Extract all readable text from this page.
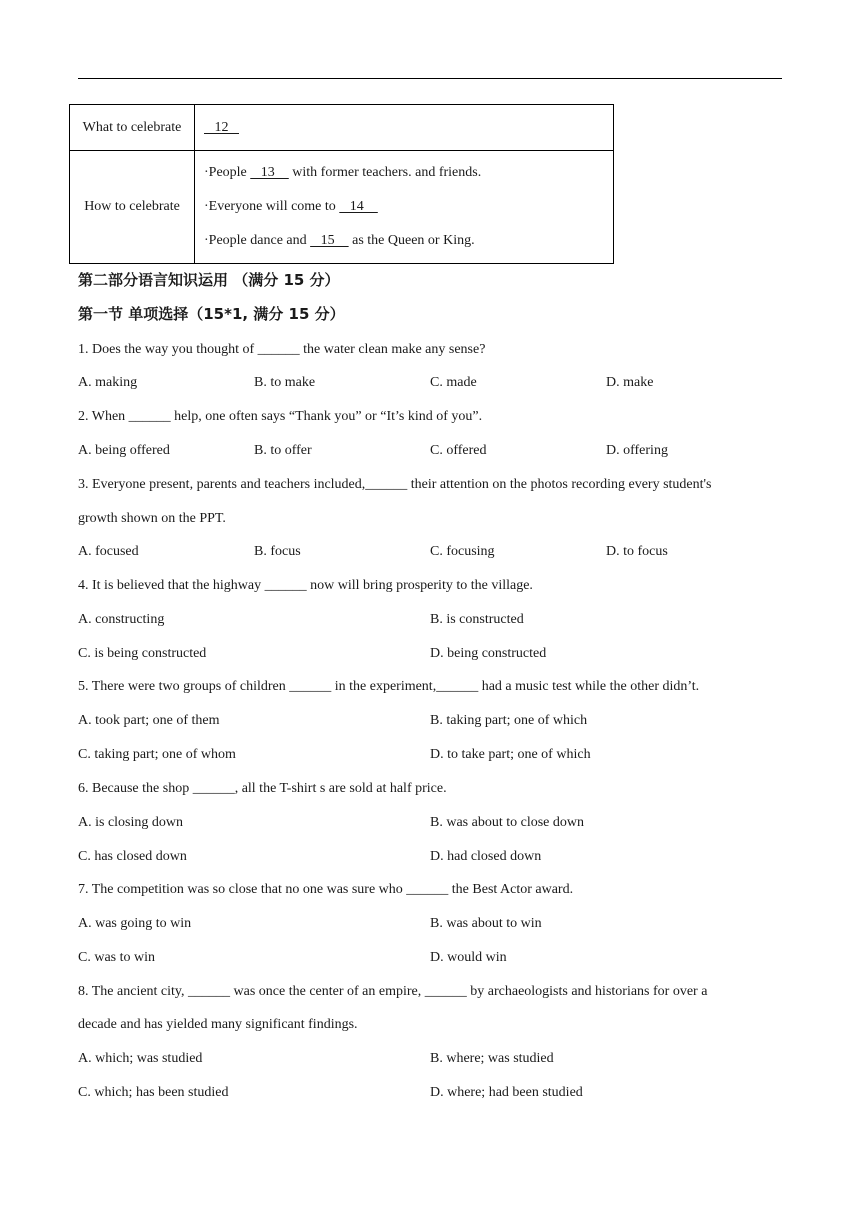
What to celebrate	12
How to celebrate	·People    13     with former teachers. and friends.
·Everyone will come to    14
·People dance and    15     as the Queen or King.
第二部分语言知识运用 （满分 15 分）
第一节 单项选择（15*1, 满分 15 分）
1. Does the way you thought of ______ the water clean make any sense?
A. making	B. to make	C. made	D. make
2. When ______ help, one often says “Thank you” or “It’s kind of you”.
A. being offered	B. to offer	C. offered	D. offering
3. Everyone present, parents and teachers included,______ their attention on the photos recording every student's
growth shown on the PPT.
A. focused	B. focus	C. focusing	D. to focus
4. It is believed that the highway ______ now will bring prosperity to the village.
A. constructing	B. is constructed
C. is being constructed	D. being constructed
5. There were two groups of children ______ in the experiment,______ had a music test while the other didn’t.
A. took part; one of them	B. taking part; one of which
C. taking part; one of whom	D. to take part; one of which
6. Because the shop ______, all the T-shirt s are sold at half price.
A. is closing down	B. was about to close down
C. has closed down	D. had closed down
7. The competition was so close that no one was sure who ______ the Best Actor award.
A. was going to win	B. was about to win
C. was to win	D. would win
8. The ancient city, ______ was once the center of an empire, ______ by archaeologists and historians for over a
decade and has yielded many significant findings.
A. which; was studied	B. where; was studied
C. which; has been studied	D. where; had been studied
